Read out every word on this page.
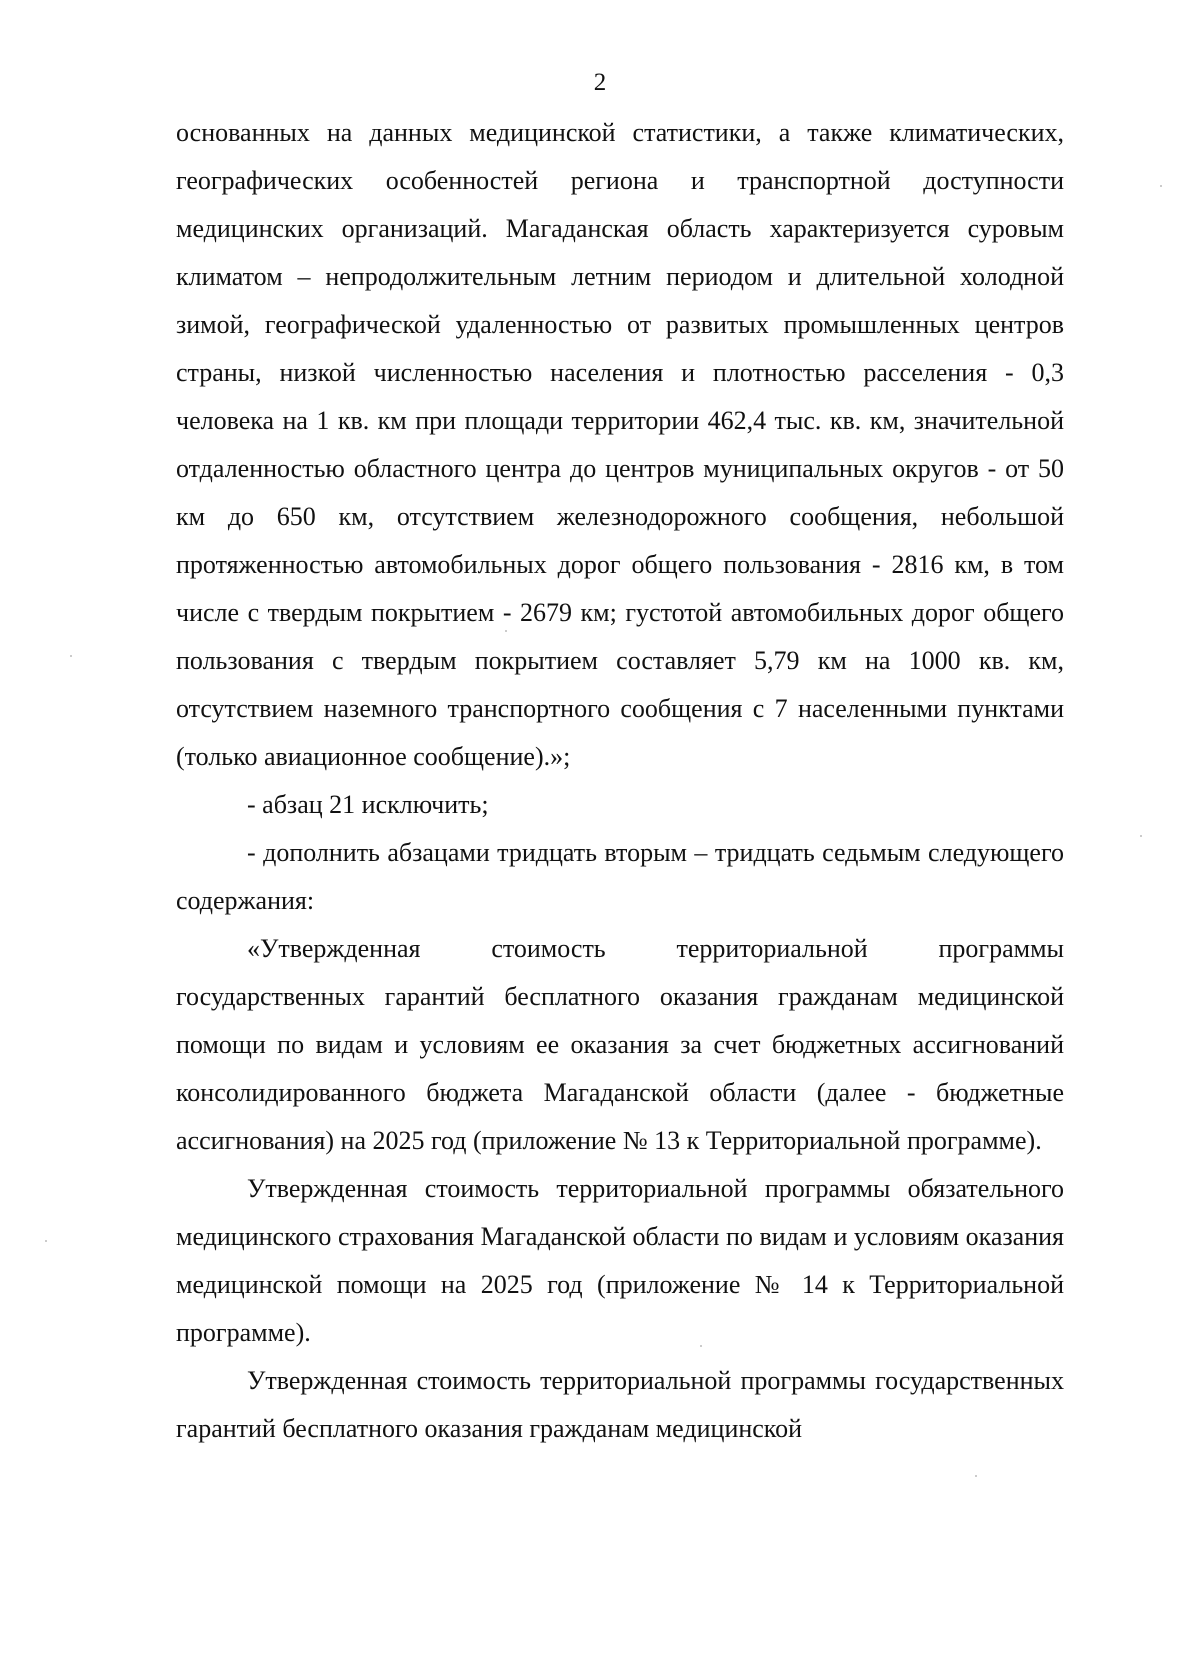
2

основанных на данных медицинской статистики, а также климатических, географических особенностей региона и транспортной доступности медицинских организаций. Магаданская область характеризуется суровым климатом – непродолжительным летним периодом и длительной холодной зимой, географической удаленностью от развитых промышленных центров страны, низкой численностью населения и плотностью расселения - 0,3 человека на 1 кв. км при площади территории 462,4 тыс. кв. км, значительной отдаленностью областного центра до центров муниципальных округов - от 50 км до 650 км, отсутствием железнодорожного сообщения, небольшой протяженностью автомобильных дорог общего пользования - 2816 км, в том числе с твердым покрытием - 2679 км; густотой автомобильных дорог общего пользования с твердым покрытием составляет 5,79 км на 1000 кв. км, отсутствием наземного транспортного сообщения с 7 населенными пунктами (только авиационное сообщение).»;

- абзац 21 исключить;

- дополнить абзацами тридцать вторым – тридцать седьмым следующего содержания:

«Утвержденная стоимость территориальной программы государственных гарантий бесплатного оказания гражданам медицинской помощи по видам и условиям ее оказания за счет бюджетных ассигнований консолидированного бюджета Магаданской области (далее - бюджетные ассигнования) на 2025 год (приложение № 13 к Территориальной программе).

Утвержденная стоимость территориальной программы обязательного медицинского страхования Магаданской области по видам и условиям оказания медицинской помощи на 2025 год (приложение № 14 к Территориальной программе).

Утвержденная стоимость территориальной программы государственных гарантий бесплатного оказания гражданам медицинской
